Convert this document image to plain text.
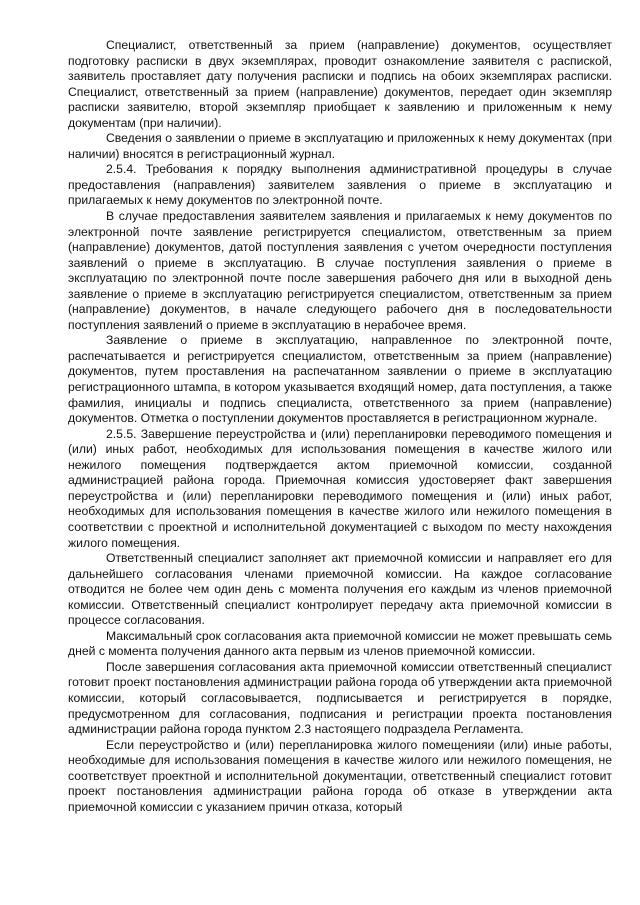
Специалист, ответственный за прием (направление) документов, осуществляет подготовку расписки в двух экземплярах, проводит ознакомление заявителя с распиской, заявитель проставляет дату получения расписки и подпись на обоих экземплярах расписки. Специалист, ответственный за прием (направление) документов, передает один экземпляр расписки заявителю, второй экземпляр приобщает к заявлению и приложенным к нему документам (при наличии).

Сведения о заявлении о приеме в эксплуатацию и приложенных к нему документах (при наличии) вносятся в регистрационный журнал.

2.5.4. Требования к порядку выполнения административной процедуры в случае предоставления (направления) заявителем заявления о приеме в эксплуатацию и прилагаемых к нему документов по электронной почте.

В случае предоставления заявителем заявления и прилагаемых к нему документов по электронной почте заявление регистрируется специалистом, ответственным за прием (направление) документов, датой поступления заявления с учетом очередности поступления заявлений о приеме в эксплуатацию. В случае поступления заявления о приеме в эксплуатацию по электронной почте после завершения рабочего дня или в выходной день заявление о приеме в эксплуатацию регистрируется специалистом, ответственным за прием (направление) документов, в начале следующего рабочего дня в последовательности поступления заявлений о приеме в эксплуатацию в нерабочее время.

Заявление о приеме в эксплуатацию, направленное по электронной почте, распечатывается и регистрируется специалистом, ответственным за прием (направление) документов, путем проставления на распечатанном заявлении о приеме в эксплуатацию регистрационного штампа, в котором указывается входящий номер, дата поступления, а также фамилия, инициалы и подпись специалиста, ответственного за прием (направление) документов. Отметка о поступлении документов проставляется в регистрационном журнале.

2.5.5. Завершение переустройства и (или) перепланировки переводимого помещения и (или) иных работ, необходимых для использования помещения в качестве жилого или нежилого помещения подтверждается актом приемочной комиссии, созданной администрацией района города. Приемочная комиссия удостоверяет факт завершения переустройства и (или) перепланировки переводимого помещения и (или) иных работ, необходимых для использования помещения в качестве жилого или нежилого помещения в соответствии с проектной и исполнительной документацией с выходом по месту нахождения жилого помещения.

Ответственный специалист заполняет акт приемочной комиссии и направляет его для дальнейшего согласования членами приемочной комиссии. На каждое согласование отводится не более чем один день с момента получения его каждым из членов приемочной комиссии. Ответственный специалист контролирует передачу акта приемочной комиссии в процессе согласования.

Максимальный срок согласования акта приемочной комиссии не может превышать семь дней с момента получения данного акта первым из членов приемочной комиссии.

После завершения согласования акта приемочной комиссии ответственный специалист готовит проект постановления администрации района города об утверждении акта приемочной комиссии, который согласовывается, подписывается и регистрируется в порядке, предусмотренном для согласования, подписания и регистрации проекта постановления администрации района города пунктом 2.3 настоящего подраздела Регламента.

Если переустройство и (или) перепланировка жилого помещенияи (или) иные работы, необходимые для использования помещения в качестве жилого или нежилого помещения, не соответствует проектной и исполнительной документации, ответственный специалист готовит проект постановления администрации района города об отказе в утверждении акта приемочной комиссии с указанием причин отказа, который
